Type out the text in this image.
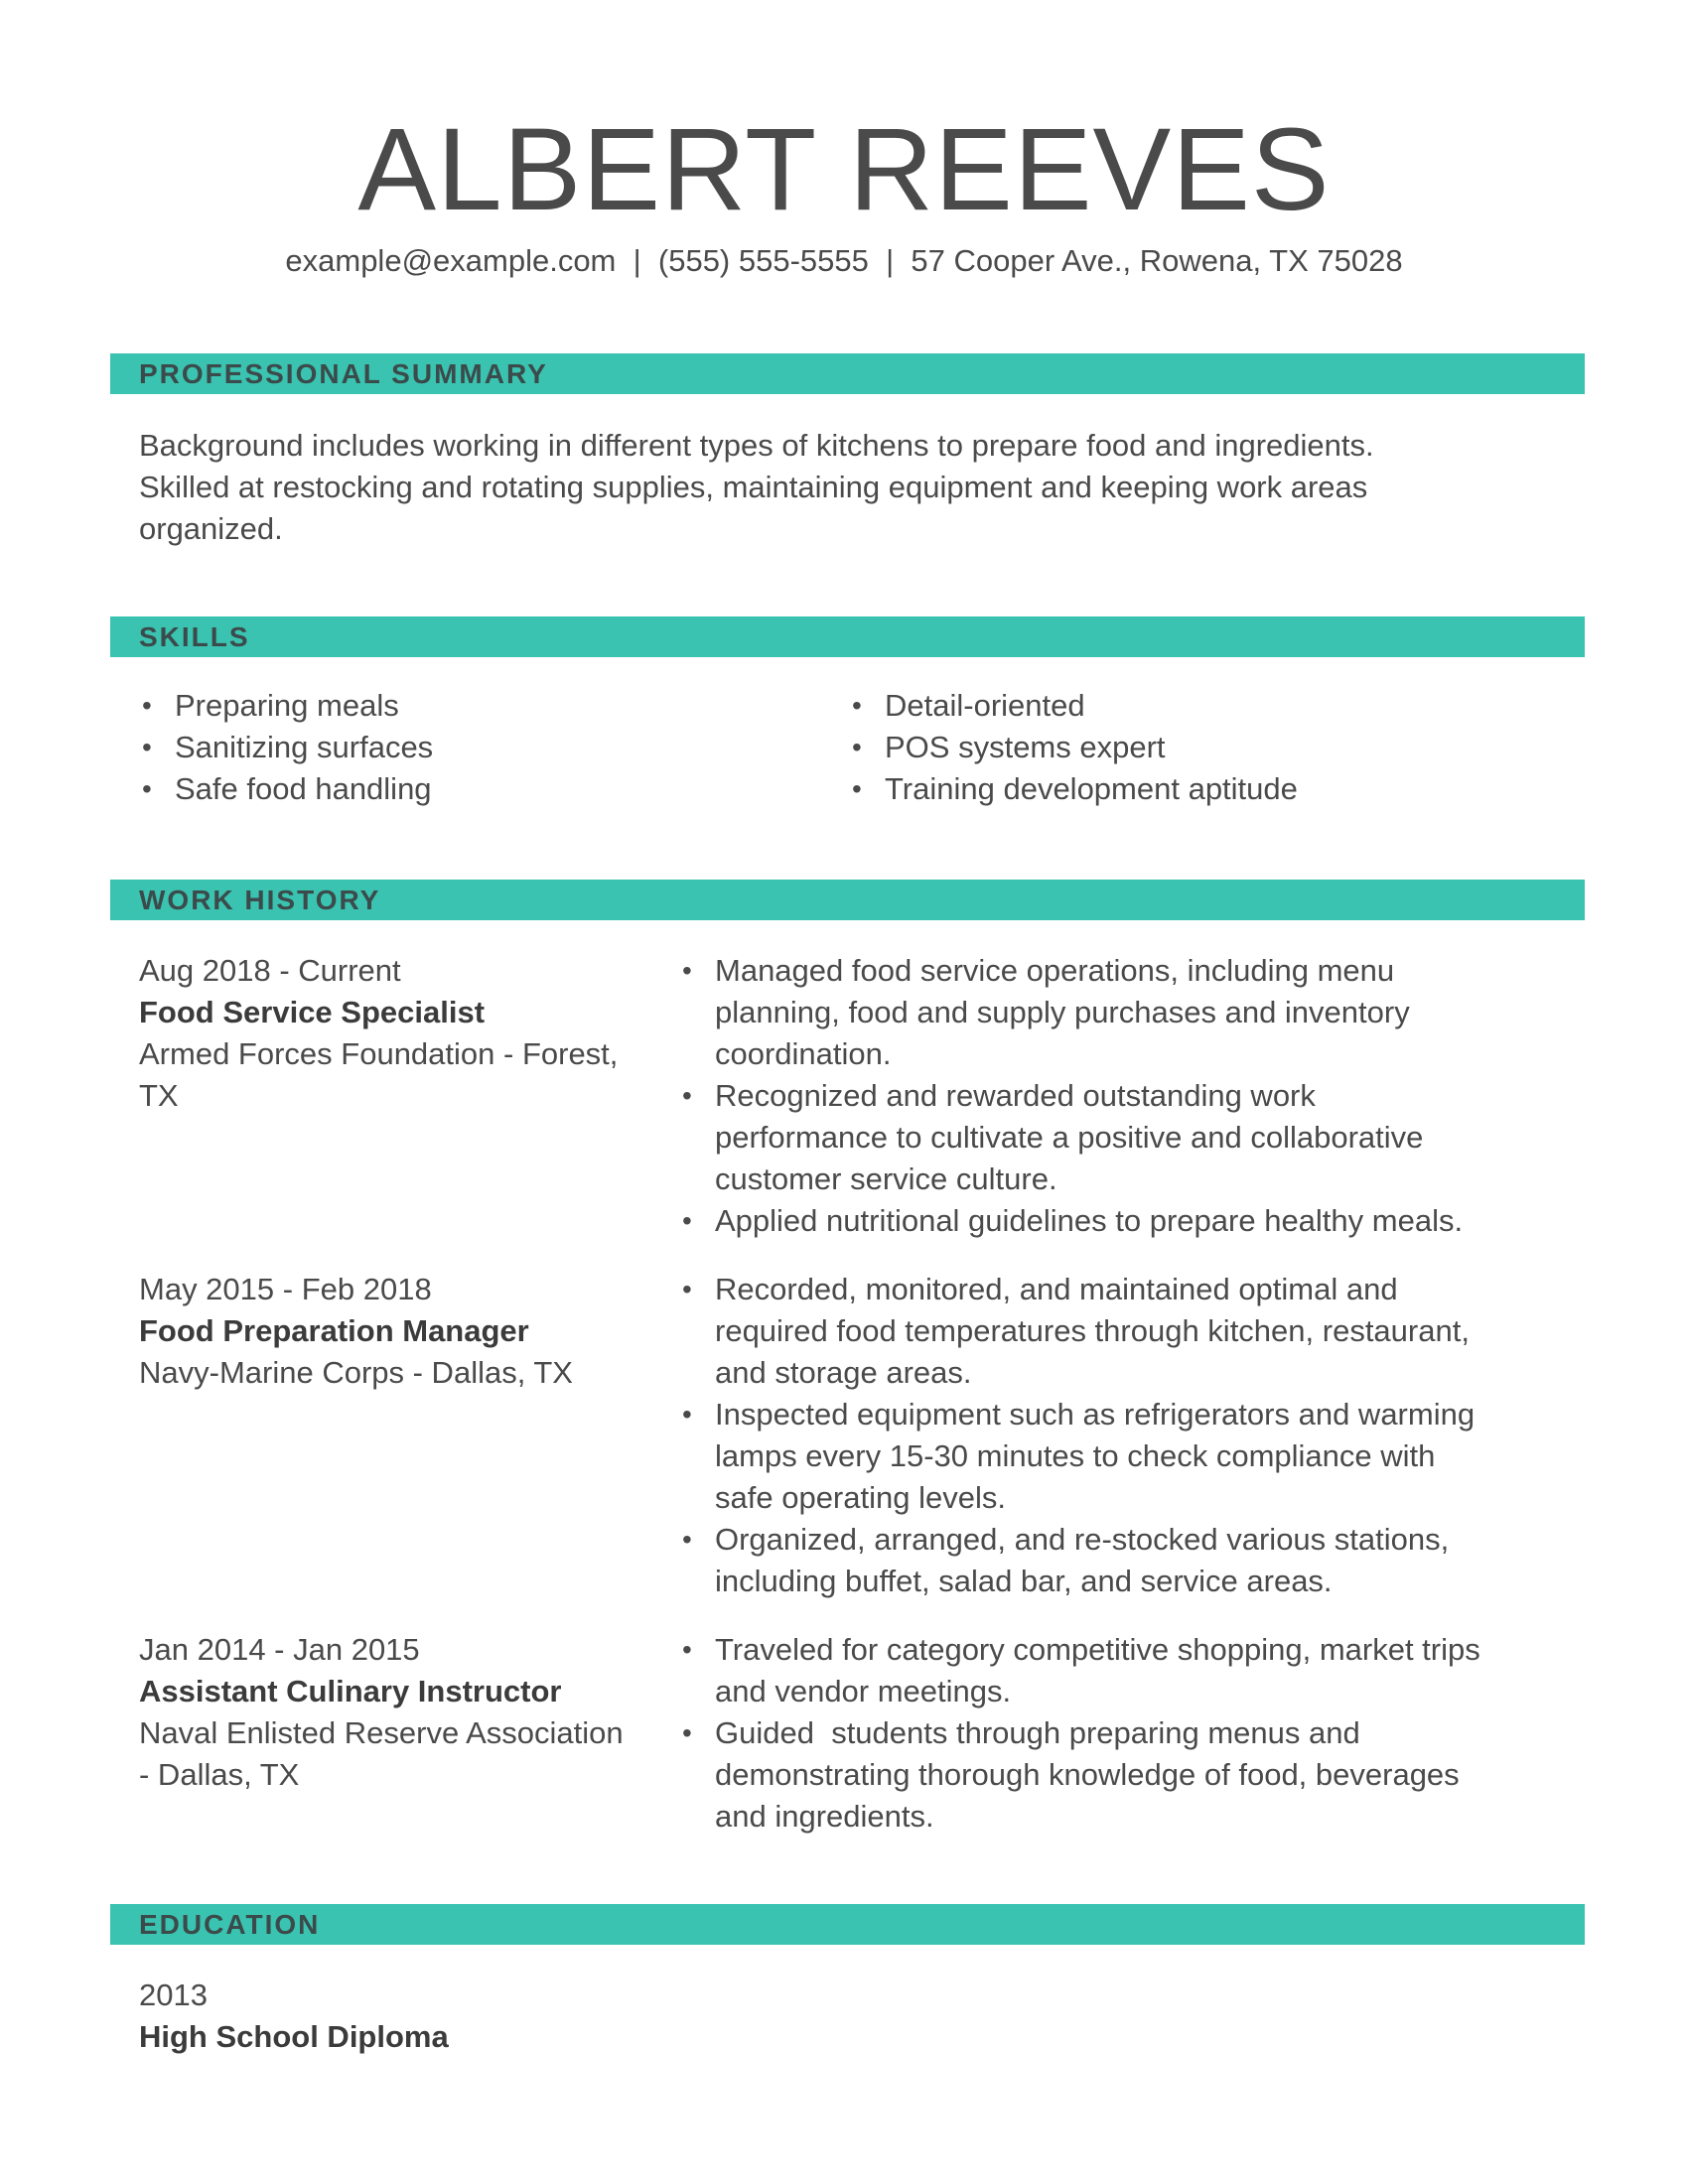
ALBERT REEVES
example@example.com  |  (555) 555-5555  |  57 Cooper Ave., Rowena, TX 75028
PROFESSIONAL SUMMARY
Background includes working in different types of kitchens to prepare food and ingredients.
Skilled at restocking and rotating supplies, maintaining equipment and keeping work areas
organized.
SKILLS
• Preparing meals
• Sanitizing surfaces
• Safe food handling
• Detail-oriented
• POS systems expert
• Training development aptitude
WORK HISTORY
Aug 2018 - Current
Food Service Specialist
Armed Forces Foundation - Forest,
TX
• Managed food service operations, including menu
planning, food and supply purchases and inventory
coordination.
• Recognized and rewarded outstanding work
performance to cultivate a positive and collaborative
customer service culture.
• Applied nutritional guidelines to prepare healthy meals.
May 2015 - Feb 2018
Food Preparation Manager
Navy-Marine Corps - Dallas, TX
• Recorded, monitored, and maintained optimal and
required food temperatures through kitchen, restaurant,
and storage areas.
• Inspected equipment such as refrigerators and warming
lamps every 15-30 minutes to check compliance with
safe operating levels.
• Organized, arranged, and re-stocked various stations,
including buffet, salad bar, and service areas.
Jan 2014 - Jan 2015
Assistant Culinary Instructor
Naval Enlisted Reserve Association
- Dallas, TX
• Traveled for category competitive shopping, market trips
and vendor meetings.
• Guided  students through preparing menus and
demonstrating thorough knowledge of food, beverages
and ingredients.
EDUCATION
2013
High School Diploma
